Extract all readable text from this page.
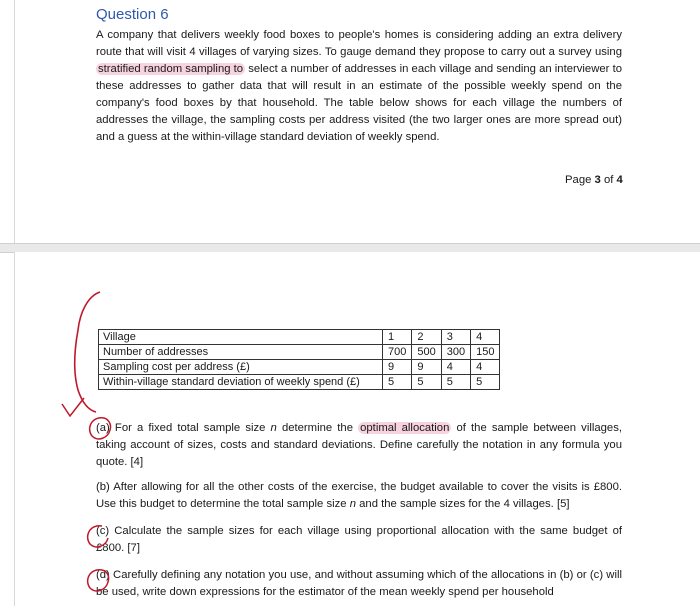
Question 6
A company that delivers weekly food boxes to people's homes is considering adding an extra delivery route that will visit 4 villages of varying sizes. To gauge demand they propose to carry out a survey using stratified random sampling to select a number of addresses in each village and sending an interviewer to these addresses to gather data that will result in an estimate of the possible weekly spend on the company's food boxes by that household. The table below shows for each village the numbers of addresses the village, the sampling costs per address visited (the two larger ones are more spread out) and a guess at the within-village standard deviation of weekly spend.
Page 3 of 4
Village	1	2	3	4
Number of addresses	700	500	300	150
Sampling cost per address (£)	9	9	4	4
Within-village standard deviation of weekly spend (£)	5	5	5	5
(a) For a fixed total sample size n determine the optimal allocation of the sample between villages, taking account of sizes, costs and standard deviations. Define carefully the notation in any formula you quote. [4]
(b) After allowing for all the other costs of the exercise, the budget available to cover the visits is £800. Use this budget to determine the total sample size n and the sample sizes for the 4 villages. [5]
(c) Calculate the sample sizes for each village using proportional allocation with the same budget of £800. [7]
(d) Carefully defining any notation you use, and without assuming which of the allocations in (b) or (c) will be used, write down expressions for the estimator of the mean weekly spend per household
